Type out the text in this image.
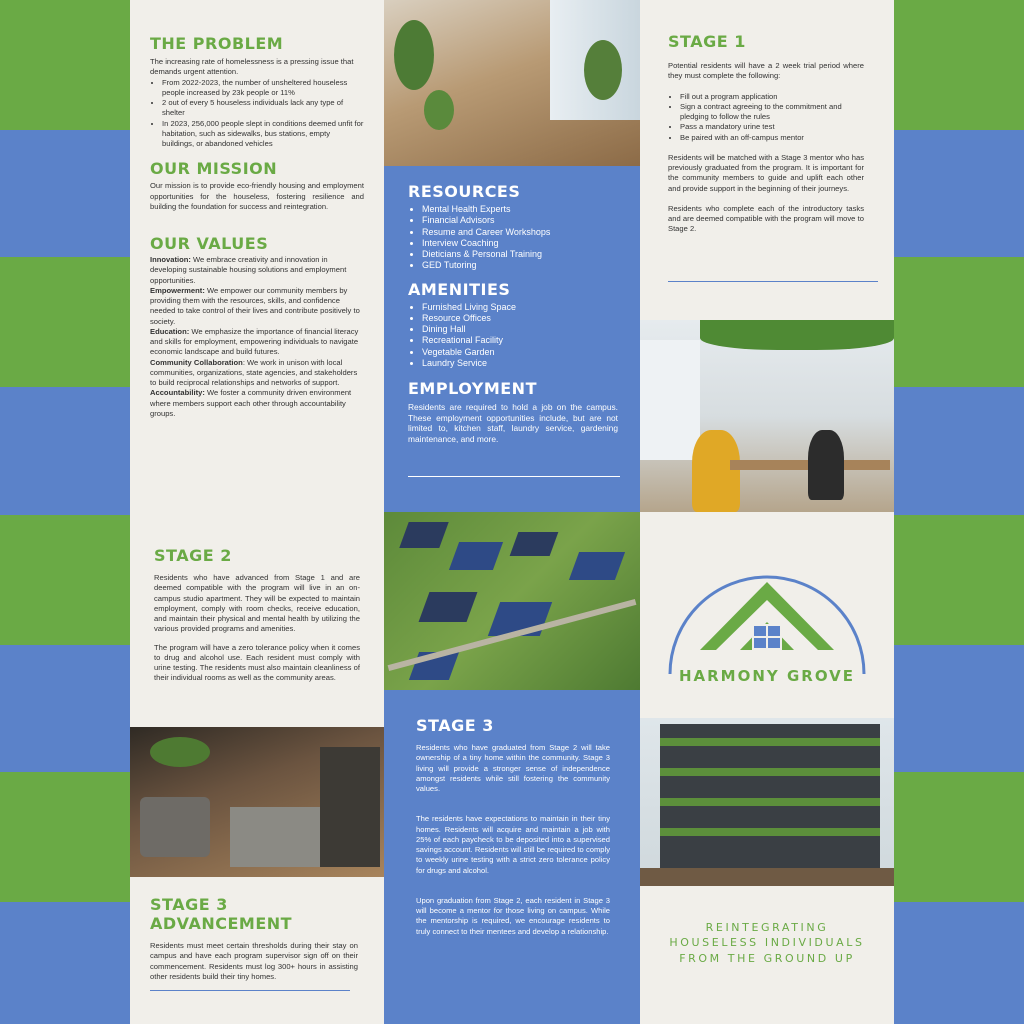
THE PROBLEM

The increasing rate of homelessness is a pressing issue that demands urgent attention.

• From 2022-2023, the number of unsheltered houseless people increased by 23k people or 11%
• 2 out of every 5 houseless individuals lack any type of shelter
• In 2023, 256,000 people slept in conditions deemed unfit for habitation, such as sidewalks, bus stations, empty buildings, or abandoned vehicles
OUR MISSION

Our mission is to provide eco-friendly housing and employment opportunities for the houseless, fostering resilience and building the foundation for success and reintegration.

OUR VALUES

Innovation: We embrace creativity and innovation in developing sustainable housing solutions and employment opportunities.

Empowerment: We empower our community members by providing them with the resources, skills, and confidence needed to take control of their lives and contribute positively to society.

Education: We emphasize the importance of financial literacy and skills for employment, empowering individuals to navigate economic landscape and build futures.

Community Collaboration: We work in unison with local communities, organizations, state agencies, and stakeholders to build reciprocal relationships and networks of support.

Accountability: We foster a community driven environment where members support each other through accountability groups.

RESOURCES
• Mental Health Experts
• Financial Advisors
• Resume and Career Workshops
• Interview Coaching
• Dieticians & Personal Training
• GED Tutoring
AMENITIES
• Furnished Living Space
• Resource Offices
• Dining Hall
• Recreational Facility
• Vegetable Garden
• Laundry Service
EMPLOYMENT

Residents are required to hold a job on the campus. These employment opportunities include, but are not limited to, kitchen staff, laundry service, gardening maintenance, and more.

STAGE 1

Potential residents will have a 2 week trial period where they must complete the following:

• Fill out a program application
• Sign a contract agreeing to the commitment and pledging to follow the rules
• Pass a mandatory urine test
• Be paired with an off-campus mentor

Residents will be matched with a Stage 3 mentor who has previously graduated from the program. It is important for the community members to guide and uplift each other and provide support in the beginning of their journeys.

Residents who complete each of the introductory tasks and are deemed compatible with the program will move to Stage 2.

STAGE 2

Residents who have advanced from Stage 1 and are deemed compatible with the program will live in an on-campus studio apartment. They will be expected to maintain employment, comply with room checks, receive education, and maintain their physical and mental health by utilizing the various provided programs and amenities.

The program will have a zero tolerance policy when it comes to drug and alcohol use. Each resident must comply with urine testing. The residents must also maintain cleanliness of their individual rooms as well as the community areas.	HARMONY GROVE
STAGE 3

Residents who have graduated from Stage 2 will take ownership of a tiny home within the community. Stage 3 living will provide a stronger sense of independence amongst residents while still fostering the community values.

The residents have expectations to maintain in their tiny homes. Residents will acquire and maintain a job with 25% of each paycheck to be deposited into a supervised savings account. Residents will still be required to comply to weekly urine testing with a strict zero tolerance policy for drugs and alcohol.

Upon graduation from Stage 2, each resident in Stage 3 will become a mentor for those living on campus. While the mentorship is required, we encourage residents to truly connect to their mentees and develop a relationship.

STAGE 3 ADVANCEMENT

Residents must meet certain thresholds during their stay on campus and have each program supervisor sign off on their commencement. Residents must log 300+ hours in assisting other residents build their tiny homes.

REINTEGRATING HOUSELESS INDIVIDUALS FROM THE GROUND UP
